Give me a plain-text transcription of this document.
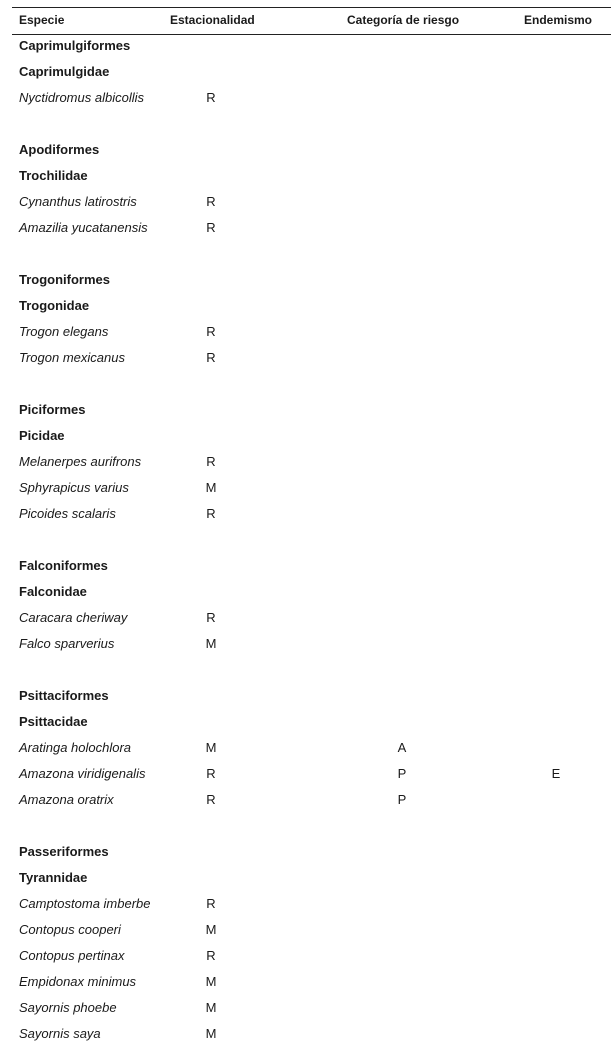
Especie	Estacionalidad	Categoría de riesgo	Endemismo
Caprimulgiformes
Caprimulgidae
Nyctidromus albicollis	R
Apodiformes
Trochilidae
Cynanthus latirostris	R
Amazilia yucatanensis	R
Trogoniformes
Trogonidae
Trogon elegans	R
Trogon mexicanus	R
Piciformes
Picidae
Melanerpes aurifrons	R
Sphyrapicus varius	M
Picoides scalaris	R
Falconiformes
Falconidae
Caracara cheriway	R
Falco sparverius	M
Psittaciformes
Psittacidae
Aratinga holochlora	M	A
Amazona viridigenalis	R	P	E
Amazona oratrix	R	P
Passeriformes
Tyrannidae
Camptostoma imberbe	R
Contopus cooperi	M
Contopus pertinax	R
Empidonax minimus	M
Sayornis phoebe	M
Sayornis saya	M
